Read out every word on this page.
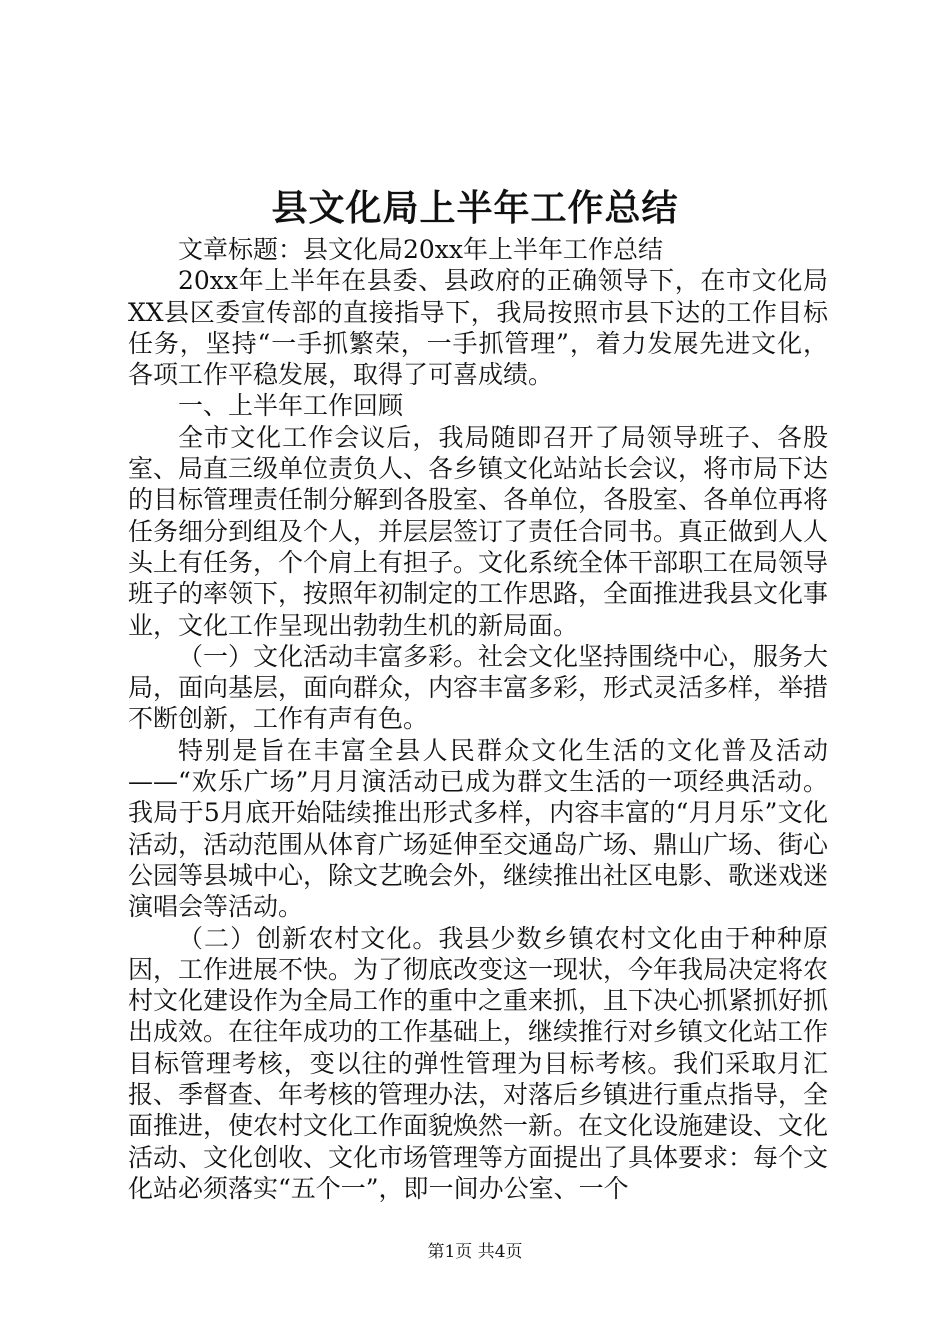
县文化局上半年工作总结

文章标题：县文化局20xx年上半年工作总结

20xx年上半年在县委、县政府的正确领导下，在市文化局XX县区委宣传部的直接指导下，我局按照市县下达的工作目标任务，坚持“一手抓繁荣，一手抓管理”，着力发展先进文化，各项工作平稳发展，取得了可喜成绩。

一、上半年工作回顾

全市文化工作会议后，我局随即召开了局领导班子、各股室、局直三级单位责负人、各乡镇文化站站长会议，将市局下达的目标管理责任制分解到各股室、各单位，各股室、各单位再将任务细分到组及个人，并层层签订了责任合同书。真正做到人人头上有任务，个个肩上有担子。文化系统全体干部职工在局领导班子的率领下，按照年初制定的工作思路，全面推进我县文化事业，文化工作呈现出勃勃生机的新局面。

（一）文化活动丰富多彩。社会文化坚持围绕中心，服务大局，面向基层，面向群众，内容丰富多彩，形式灵活多样，举措不断创新，工作有声有色。

特别是旨在丰富全县人民群众文化生活的文化普及活动——“欢乐广场”月月演活动已成为群文生活的一项经典活动。我局于5月底开始陆续推出形式多样，内容丰富的“月月乐”文化活动，活动范围从体育广场延伸至交通岛广场、鼎山广场、街心公园等县城中心，除文艺晚会外，继续推出社区电影、歌迷戏迷演唱会等活动。

（二）创新农村文化。我县少数乡镇农村文化由于种种原因，工作进展不快。为了彻底改变这一现状，今年我局决定将农村文化建设作为全局工作的重中之重来抓，且下决心抓紧抓好抓出成效。在往年成功的工作基础上，继续推行对乡镇文化站工作目标管理考核，变以往的弹性管理为目标考核。我们采取月汇报、季督查、年考核的管理办法，对落后乡镇进行重点指导，全面推进，使农村文化工作面貌焕然一新。在文化设施建设、文化活动、文化创收、文化市场管理等方面提出了具体要求：每个文化站必须落实“五个一”，即一间办公室、一个

第1页 共4页
